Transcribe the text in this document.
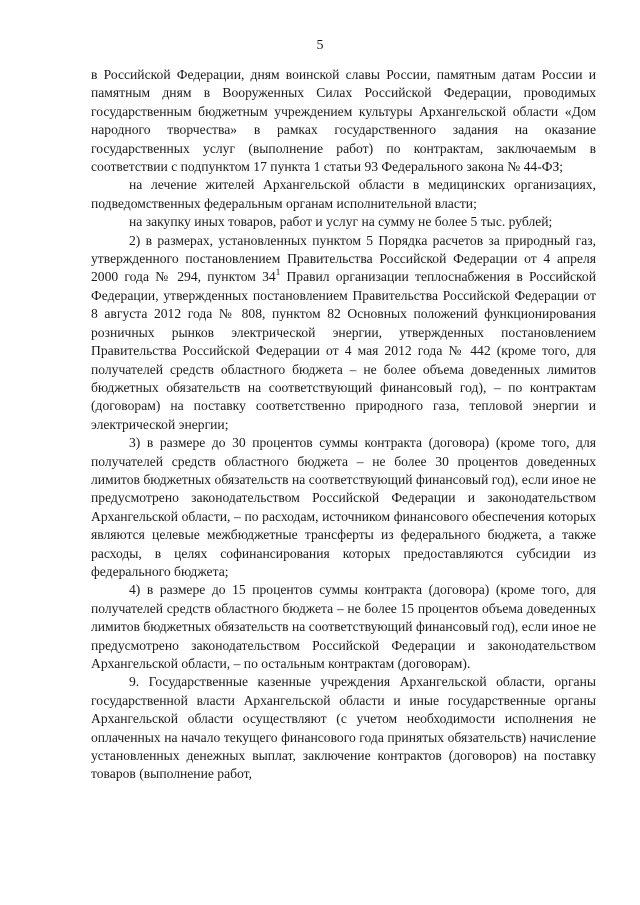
5

в Российской Федерации, дням воинской славы России, памятным датам России и памятным дням в Вооруженных Силах Российской Федерации, проводимых государственным бюджетным учреждением культуры Архангельской области «Дом народного творчества» в рамках государственного задания на оказание государственных услуг (выполнение работ) по контрактам, заключаемым в соответствии с подпунктом 17 пункта 1 статьи 93 Федерального закона № 44-ФЗ;

на лечение жителей Архангельской области в медицинских организациях, подведомственных федеральным органам исполнительной власти;

на закупку иных товаров, работ и услуг на сумму не более 5 тыс. рублей;

2) в размерах, установленных пунктом 5 Порядка расчетов за природный газ, утвержденного постановлением Правительства Российской Федерации от 4 апреля 2000 года № 294, пунктом $34^1$ Правил организации теплоснабжения в Российской Федерации, утвержденных постановлением Правительства Российской Федерации от 8 августа 2012 года № 808, пунктом 82 Основных положений функционирования розничных рынков электрической энергии, утвержденных постановлением Правительства Российской Федерации от 4 мая 2012 года № 442 (кроме того, для получателей средств областного бюджета – не более объема доведенных лимитов бюджетных обязательств на соответствующий финансовый год), – по контрактам (договорам) на поставку соответственно природного газа, тепловой энергии и электрической энергии;

3) в размере до 30 процентов суммы контракта (договора) (кроме того, для получателей средств областного бюджета – не более 30 процентов доведенных лимитов бюджетных обязательств на соответствующий финансовый год), если иное не предусмотрено законодательством Российской Федерации и законодательством Архангельской области, – по расходам, источником финансового обеспечения которых являются целевые межбюджетные трансферты из федерального бюджета, а также расходы, в целях софинансирования которых предоставляются субсидии из федерального бюджета;

4) в размере до 15 процентов суммы контракта (договора) (кроме того, для получателей средств областного бюджета – не более 15 процентов объема доведенных лимитов бюджетных обязательств на соответствующий финансовый год), если иное не предусмотрено законодательством Российской Федерации и законодательством Архангельской области, – по остальным контрактам (договорам).

9. Государственные казенные учреждения Архангельской области, органы государственной власти Архангельской области и иные государственные органы Архангельской области осуществляют (с учетом необходимости исполнения не оплаченных на начало текущего финансового года принятых обязательств) начисление установленных денежных выплат, заключение контрактов (договоров) на поставку товаров (выполнение работ,
